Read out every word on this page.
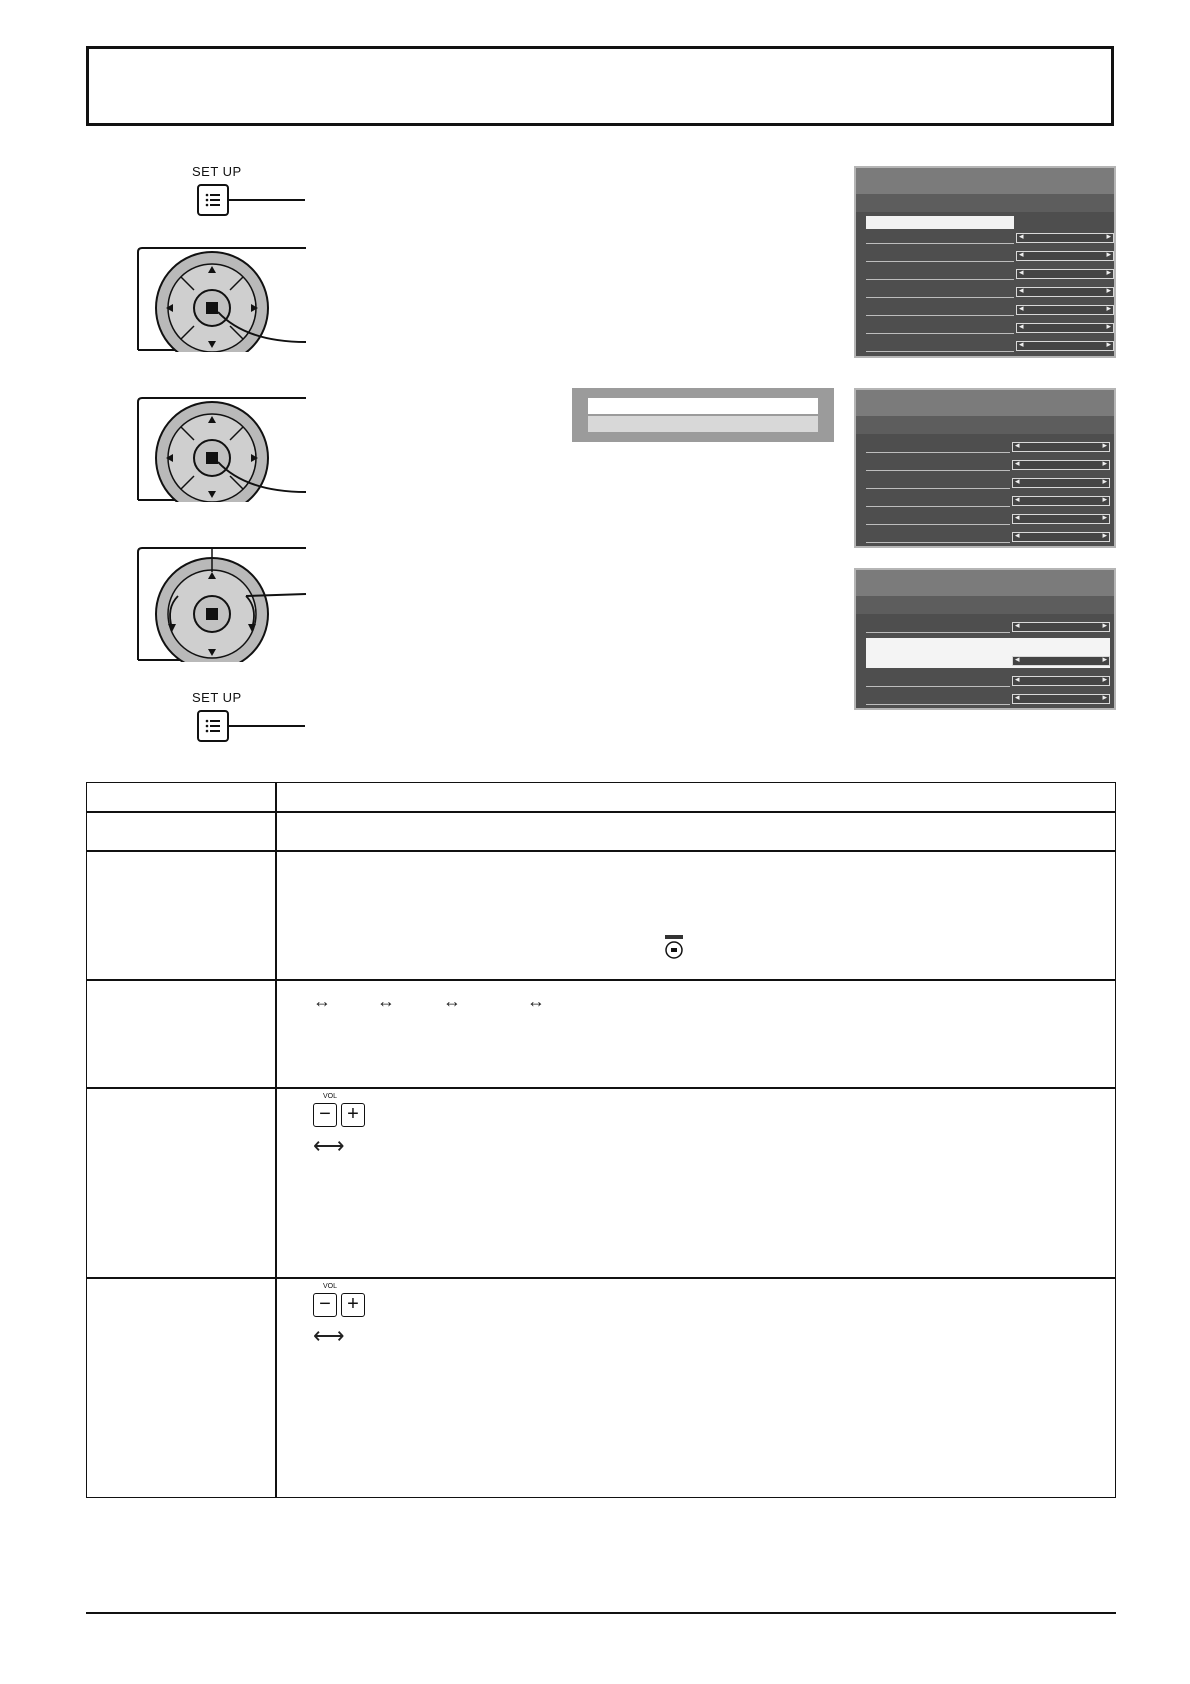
SET UP
SET UP
◂ ▸
◂ ▸
◂ ▸
◂ ▸
◂ ▸
◂ ▸
◂ ▸
◂ ▸
◂ ▸
◂ ▸
◂ ▸
◂ ▸
◂ ▸
◂ ▸
◂ ▸
◂ ▸
◂ ▸
↔	↔	↔	↔
VOL
− +
⟷
VOL
− +
⟷
